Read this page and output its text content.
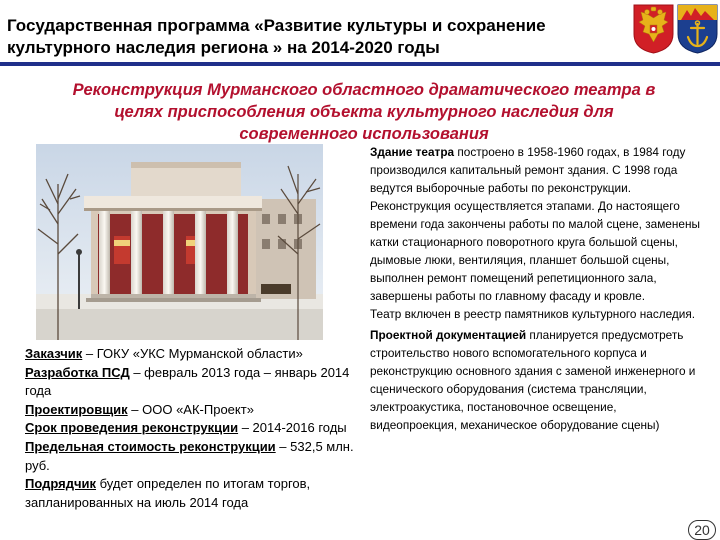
Государственная программа «Развитие культуры и сохранение
культурного наследия региона » на 2014-2020 годы
Реконструкция Мурманского областного драматического театра в
целях приспособления объекта культурного наследия для
современного использования

Здание театра построено в 1958-1960 годах, в 1984 году производился капитальный ремонт здания. С 1998 года ведутся выборочные работы по реконструкции. Реконструкция осуществляется этапами. До настоящего времени года закончены работы по малой сцене, заменены катки стационарного поворотного круга большой сцены, дымовые люки, вентиляция, планшет большой сцены, выполнен ремонт помещений репетиционного зала, завершены работы по главному фасаду и кровле.

Театр включен в реестр памятников культурного наследия.

Проектной документацией планируется предусмотреть строительство нового вспомогательного корпуса и реконструкцию основного здания с заменой инженерного и сценического оборудования (система трансляции, электроакустика, постановочное освещение, видеопроекция, механическое оборудование сцены)

Заказчик – ГОКУ «УКС Мурманской области»

Разработка ПСД – февраль 2013 года – январь 2014 года

Проектировщик – ООО «АК-Проект»

Срок проведения реконструкции – 2014-2016 годы

Предельная стоимость реконструкции – 532,5 млн. руб.

Подрядчик будет определен по итогам торгов, запланированных на июль 2014 года

20
